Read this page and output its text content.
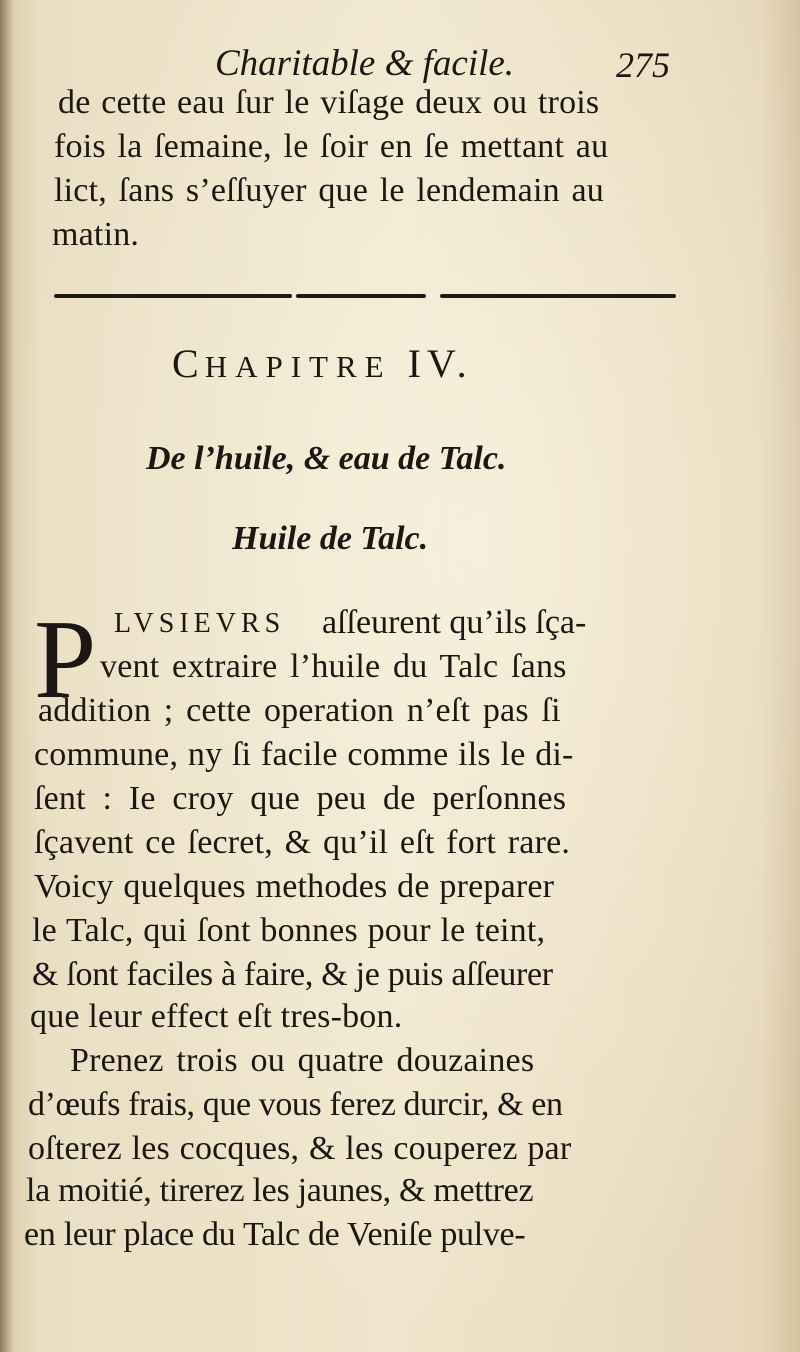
Charitable & facile.	275
de cette eau ſur le viſage deux ou trois
fois la ſemaine, le ſoir en ſe mettant au
lict, ſans s’eſſuyer que le lendemain au
matin.
CHAPITRE IV.
De l’huile, & eau de Talc.
Huile de Talc.
P LVSIEVRS aſſeurent qu’ils ſça-
vent extraire l’huile du Talc ſans
addition ; cette operation n’eſt pas ſi
commune, ny ſi facile comme ils le di-
ſent : Ie croy que peu de perſonnes
ſçavent ce ſecret, & qu’il eſt fort rare.
Voicy quelques methodes de preparer
le Talc, qui ſont bonnes pour le teint,
& ſont faciles à faire, & je puis aſſeurer
que leur effect eſt tres-bon.
Prenez trois ou quatre douzaines
d’œufs frais, que vous ferez durcir, & en
oſterez les cocques, & les couperez par
la moitié, tirerez les jaunes, & mettrez
en leur place du Talc de Veniſe pulve-
